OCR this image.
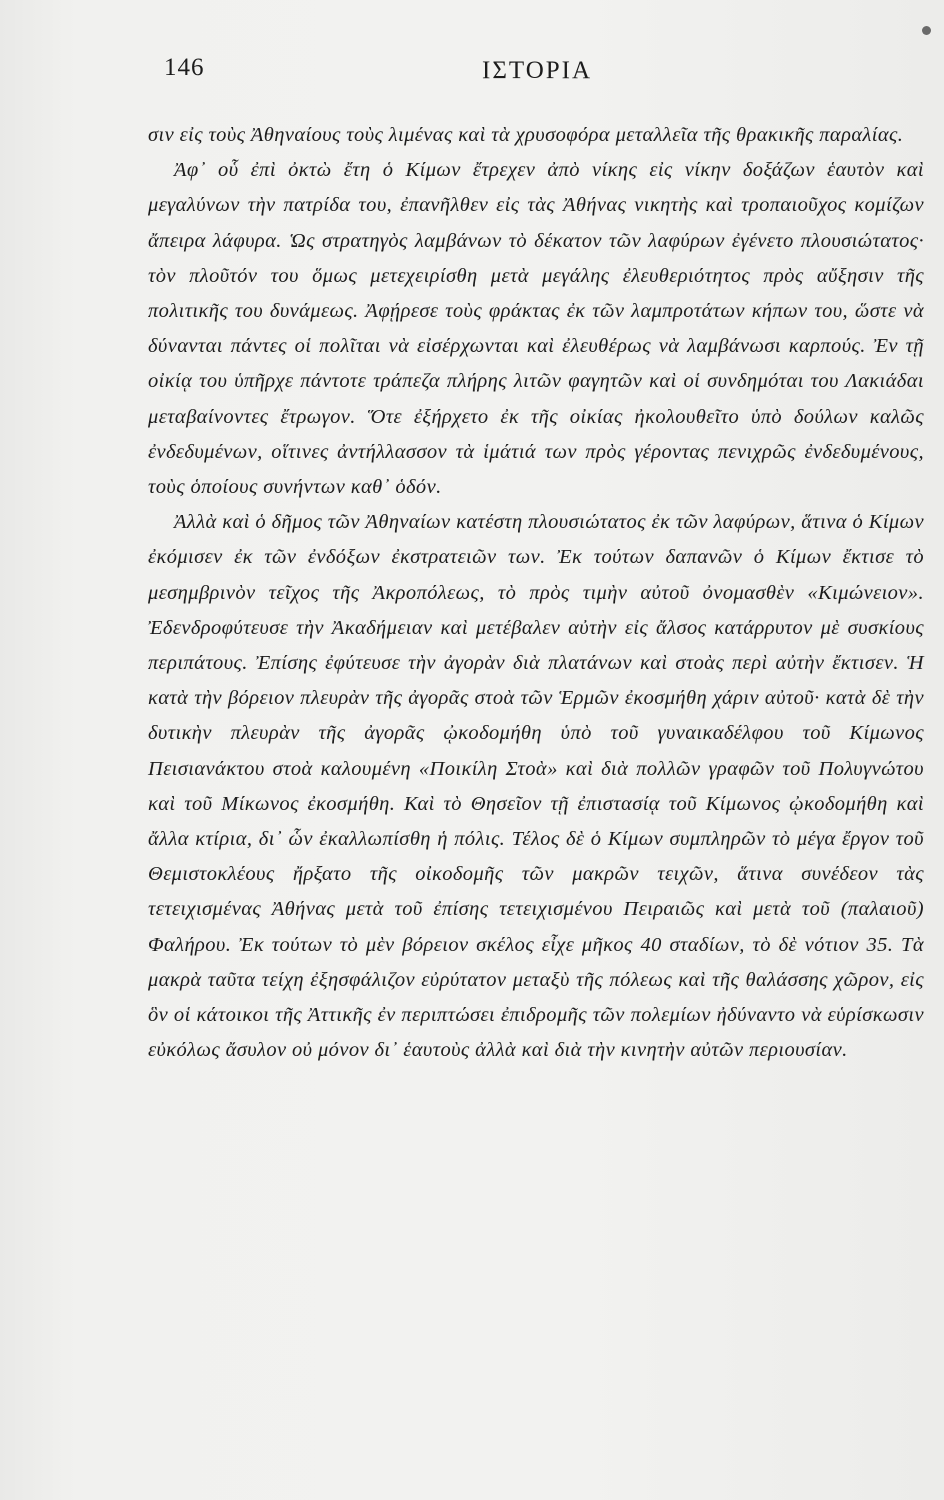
146	ΙΣΤΟΡΙΑ

σιν εἰς τοὺς Ἀθηναίους τοὺς λιμένας καὶ τὰ χρυσοφόρα μεταλλεῖα τῆς θρακικῆς παραλίας.

Ἀφ᾽ οὗ ἐπὶ ὀκτὼ ἔτη ὁ Κίμων ἔτρεχεν ἀπὸ νίκης εἰς νίκην δοξάζων ἑαυτὸν καὶ μεγαλύνων τὴν πατρίδα του, ἐπανῆλθεν εἰς τὰς Ἀθήνας νικητὴς καὶ τροπαιοῦχος κομίζων ἄπειρα λάφυρα. Ὡς στρατηγὸς λαμβάνων τὸ δέκατον τῶν λαφύρων ἐγένετο πλουσιώτατος· τὸν πλοῦτόν του ὅμως μετεχειρίσθη μετὰ μεγάλης ἐλευθεριότητος πρὸς αὔξησιν τῆς πολιτικῆς του δυνάμεως. Ἀφῄρεσε τοὺς φράκτας ἐκ τῶν λαμπροτάτων κήπων του, ὥστε νὰ δύνανται πάντες οἱ πολῖται νὰ εἰσέρχωνται καὶ ἐλευθέρως νὰ λαμβάνωσι καρπούς. Ἐν τῇ οἰκίᾳ του ὑπῆρχε πάντοτε τράπεζα πλήρης λιτῶν φαγητῶν καὶ οἱ συνδημόται του Λακιάδαι μεταβαίνοντες ἔτρωγον. Ὅτε ἐξήρχετο ἐκ τῆς οἰκίας ἠκολουθεῖτο ὑπὸ δούλων καλῶς ἐνδεδυμένων, οἵτινες ἀντήλλασσον τὰ ἱμάτιά των πρὸς γέροντας πενιχρῶς ἐνδεδυμένους, τοὺς ὁποίους συνήντων καθ᾽ ὁδόν.

Ἀλλὰ καὶ ὁ δῆμος τῶν Ἀθηναίων κατέστη πλουσιώτατος ἐκ τῶν λαφύρων, ἅτινα ὁ Κίμων ἐκόμισεν ἐκ τῶν ἐνδόξων ἐκστρατειῶν των. Ἐκ τούτων δαπανῶν ὁ Κίμων ἔκτισε τὸ μεσημβρινὸν τεῖχος τῆς Ἀκροπόλεως, τὸ πρὸς τιμὴν αὐτοῦ ὀνομασθὲν «Κιμώνειον». Ἐδενδροφύτευσε τὴν Ἀκαδήμειαν καὶ μετέβαλεν αὐτὴν εἰς ἄλσος κατάρρυτον μὲ συσκίους περιπάτους. Ἐπίσης ἐφύτευσε τὴν ἀγορὰν διὰ πλατάνων καὶ στοὰς περὶ αὐτὴν ἔκτισεν. Ἡ κατὰ τὴν βόρειον πλευρὰν τῆς ἀγορᾶς στοὰ τῶν Ἑρμῶν ἐκοσμήθη χάριν αὐτοῦ· κατὰ δὲ τὴν δυτικὴν πλευρὰν τῆς ἀγορᾶς ᾠκοδομήθη ὑπὸ τοῦ γυναικαδέλφου τοῦ Κίμωνος Πεισιανάκτου στοὰ καλουμένη «Ποικίλη Στοὰ» καὶ διὰ πολλῶν γραφῶν τοῦ Πολυγνώτου καὶ τοῦ Μίκωνος ἐκοσμήθη. Καὶ τὸ Θησεῖον τῇ ἐπιστασίᾳ τοῦ Κίμωνος ᾠκοδομήθη καὶ ἄλλα κτίρια, δι᾽ ὧν ἐκαλλωπίσθη ἡ πόλις. Τέλος δὲ ὁ Κίμων συμπληρῶν τὸ μέγα ἔργον τοῦ Θεμιστοκλέους ἤρξατο τῆς οἰκοδομῆς τῶν μακρῶν τειχῶν, ἅτινα συνέδεον τὰς τετειχισμένας Ἀθήνας μετὰ τοῦ ἐπίσης τετειχισμένου Πειραιῶς καὶ μετὰ τοῦ (παλαιοῦ) Φαλήρου. Ἐκ τούτων τὸ μὲν βόρειον σκέλος εἶχε μῆκος 40 σταδίων, τὸ δὲ νότιον 35. Τὰ μακρὰ ταῦτα τείχη ἐξησφάλιζον εὐρύτατον μεταξὺ τῆς πόλεως καὶ τῆς θαλάσσης χῶρον, εἰς ὃν οἱ κάτοικοι τῆς Ἀττικῆς ἐν περιπτώσει ἐπιδρομῆς τῶν πολεμίων ἠδύναντο νὰ εὑρίσκωσιν εὐκόλως ἄσυλον οὐ μόνον δι᾽ ἑαυτοὺς ἀλλὰ καὶ διὰ τὴν κινητὴν αὐτῶν περιουσίαν.
